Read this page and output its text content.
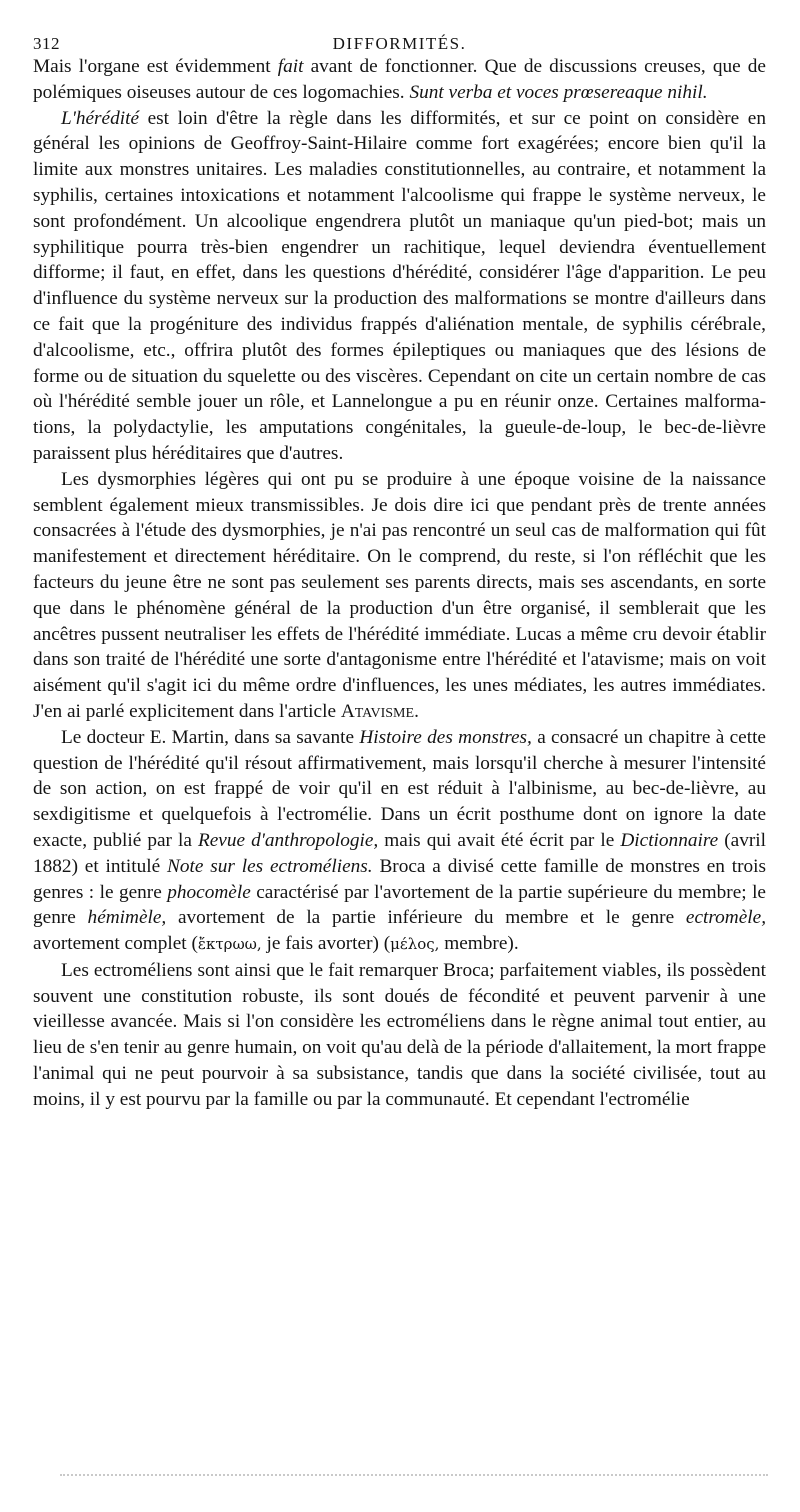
312	DIFFORMITÉS.

Mais l'organe est évidemment fait avant de fonctionner. Que de discussions creuses, que de polémiques oiseuses autour de ces logomachies. Sunt verba et voces prœsereaque nihil.

L'hérédité est loin d'être la règle dans les difformités, et sur ce point on considère en général les opinions de Geoffroy-Saint-Hilaire comme fort exagérées; encore bien qu'il la limite aux monstres unitaires. Les maladies constitutionnelles, au contraire, et notamment la syphilis, certaines intoxications et notamment l'alcoolisme qui frappe le système nerveux, le sont profondément. Un alcoolique engendrera plutôt un maniaque qu'un pied-bot; mais un syphilitique pourra très-bien engendrer un rachitique, lequel deviendra éventuellement difforme; il faut, en effet, dans les questions d'hérédité, considérer l'âge d'apparition. Le peu d'influence du système nerveux sur la production des malformations se montre d'ailleurs dans ce fait que la progéniture des individus frappés d'aliénation mentale, de syphilis cérébrale, d'alcoolisme, etc., offrira plutôt des formes épileptiques ou maniaques que des lésions de forme ou de situation du squelette ou des viscères. Cependant on cite un certain nombre de cas où l'hérédité semble jouer un rôle, et Lannelongue a pu en réunir onze. Certaines malformations, la polydactylie, les amputations congénitales, la gueule-de-loup, le bec-de-lièvre paraissent plus héréditaires que d'autres.

Les dysmorphies légères qui ont pu se produire à une époque voisine de la naissance semblent également mieux transmissibles. Je dois dire ici que pendant près de trente années consacrées à l'étude des dysmorphies, je n'ai pas rencontré un seul cas de malformation qui fût manifestement et directement héréditaire. On le comprend, du reste, si l'on réfléchit que les facteurs du jeune être ne sont pas seulement ses parents directs, mais ses ascendants, en sorte que dans le phénomène général de la production d'un être organisé, il semblerait que les ancêtres pussent neutraliser les effets de l'hérédité immédiate. Lucas a même cru devoir établir dans son traité de l'hérédité une sorte d'antagonisme entre l'hérédité et l'atavisme; mais on voit aisément qu'il s'agit ici du même ordre d'influences, les unes médiates, les autres immédiates. J'en ai parlé explicitement dans l'article Atavisme.

Le docteur E. Martin, dans sa savante Histoire des monstres, a consacré un chapitre à cette question de l'hérédité qu'il résout affirmativement, mais lorsqu'il cherche à mesurer l'intensité de son action, on est frappé de voir qu'il en est réduit à l'albinisme, au bec-de-lièvre, au sexdigitisme et quelquefois à l'ectromélie. Dans un écrit posthume dont on ignore la date exacte, publié par la Revue d'anthropologie, mais qui avait été écrit par le Dictionnaire (avril 1882) et intitulé Note sur les ectroméliens. Broca a divisé cette famille de monstres en trois genres : le genre phocomèle caractérisé par l'avortement de la partie supérieure du membre; le genre hémimèle, avortement de la partie inférieure du membre et le genre ectromèle, avortement complet (ἔκτρωω, je fais avorter) (μέλος, membre).

Les ectroméliens sont ainsi que le fait remarquer Broca; parfaitement viables, ils possèdent souvent une constitution robuste, ils sont doués de fécondité et peuvent parvenir à une vieillesse avancée. Mais si l'on considère les ectroméliens dans le règne animal tout entier, au lieu de s'en tenir au genre humain, on voit qu'au delà de la période d'allaitement, la mort frappe l'animal qui ne peut pourvoir à sa subsistance, tandis que dans la société civilisée, tout au moins, il y est pourvu par la famille ou par la communauté. Et cependant l'ectromélie
